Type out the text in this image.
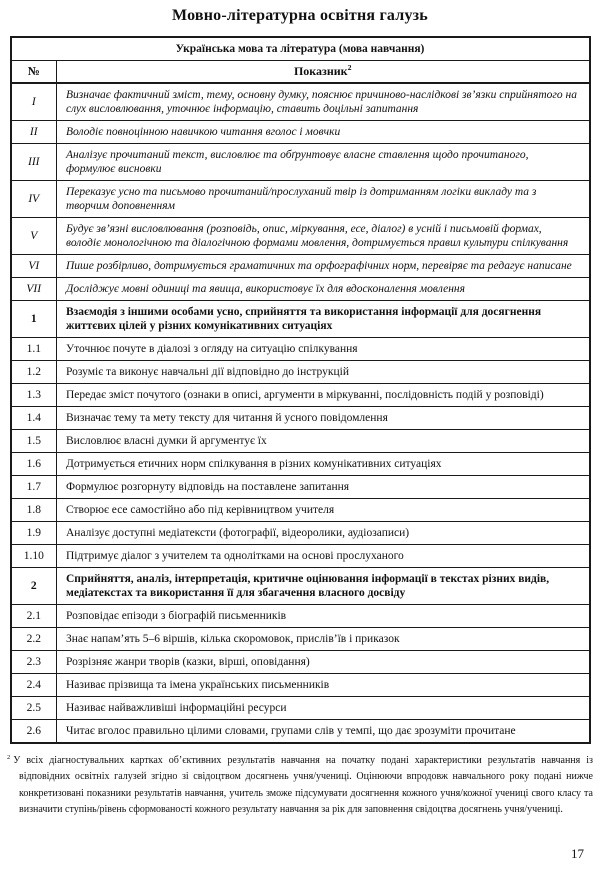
Мовно-літературна освітня галузь
Українська мова та література (мова навчання)	
№	Показник$^2$
I	Визначає фактичний зміст, тему, основну думку, пояснює причиново-наслідкові зв’язки сприйнятого на слух висловлювання, уточнює інформацію, ставить доцільні запитання
II	Володіє повноцінною навичкою читання вголос і мовчки
III	Аналізує прочитаний текст, висловлює та обґрунтовує власне ставлення щодо прочитаного, формулює висновки
IV	Переказує усно та письмово прочитаний/прослуханий твір із дотриманням логіки викладу та з творчим доповненням
V	Будує зв’язні висловлювання (розповідь, опис, міркування, есе, діалог) в усній і письмовій формах, володіє монологічною та діалогічною формами мовлення, дотримується правил культури спілкування
VI	Пише розбірливо, дотримується граматичних та орфографічних норм, перевіряє та редагує написане
VII	Досліджує мовні одиниці та явища, використовує їх для вдосконалення мовлення
1	Взаємодія з іншими особами усно, сприйняття та використання інформації для досягнення життєвих цілей у різних комунікативних ситуаціях
1.1	Уточнює почуте в діалозі з огляду на ситуацію спілкування
1.2	Розуміє та виконує навчальні дії відповідно до інструкцій
1.3	Передає зміст почутого (ознаки в описі, аргументи в міркуванні, послідовність подій у розповіді)
1.4	Визначає тему та мету тексту для читання й усного повідомлення
1.5	Висловлює власні думки й аргументує їх
1.6	Дотримується етичних норм спілкування в різних комунікативних ситуаціях
1.7	Формулює розгорнуту відповідь на поставлене запитання
1.8	Створює есе самостійно або під керівництвом учителя
1.9	Аналізує доступні медіатексти (фотографії, відеоролики, аудіозаписи)
1.10	Підтримує діалог з учителем та однолітками на основі прослуханого
2	Сприйняття, аналіз, інтерпретація, критичне оцінювання інформації в текстах різних видів, медіатекстах та використання її для збагачення власного досвіду
2.1	Розповідає епізоди з біографій письменників
2.2	Знає напам’ять 5–6 віршів, кілька скоромовок, прислів’їв і приказок
2.3	Розрізняє жанри творів (казки, вірші, оповідання)
2.4	Називає прізвища та імена українських письменників
2.5	Називає найважливіші інформаційні ресурси
2.6	Читає вголос правильно цілими словами, групами слів у темпі, що дає зрозуміти прочитане
$^2$ У всіх діагностувальних картках об’єктивних результатів навчання на початку подані характеристики результатів навчання із відповідних освітніх галузей згідно зі свідоцтвом досягнень учня/учениці. Оцінюючи впродовж навчального року подані нижче конкретизовані показники результатів навчання, учитель зможе підсумувати досягнення кожного учня/кожної учениці свого класу та визначити ступінь/рівень сформованості кожного результату навчання за рік для заповнення свідоцтва досягнень учня/учениці.
17
